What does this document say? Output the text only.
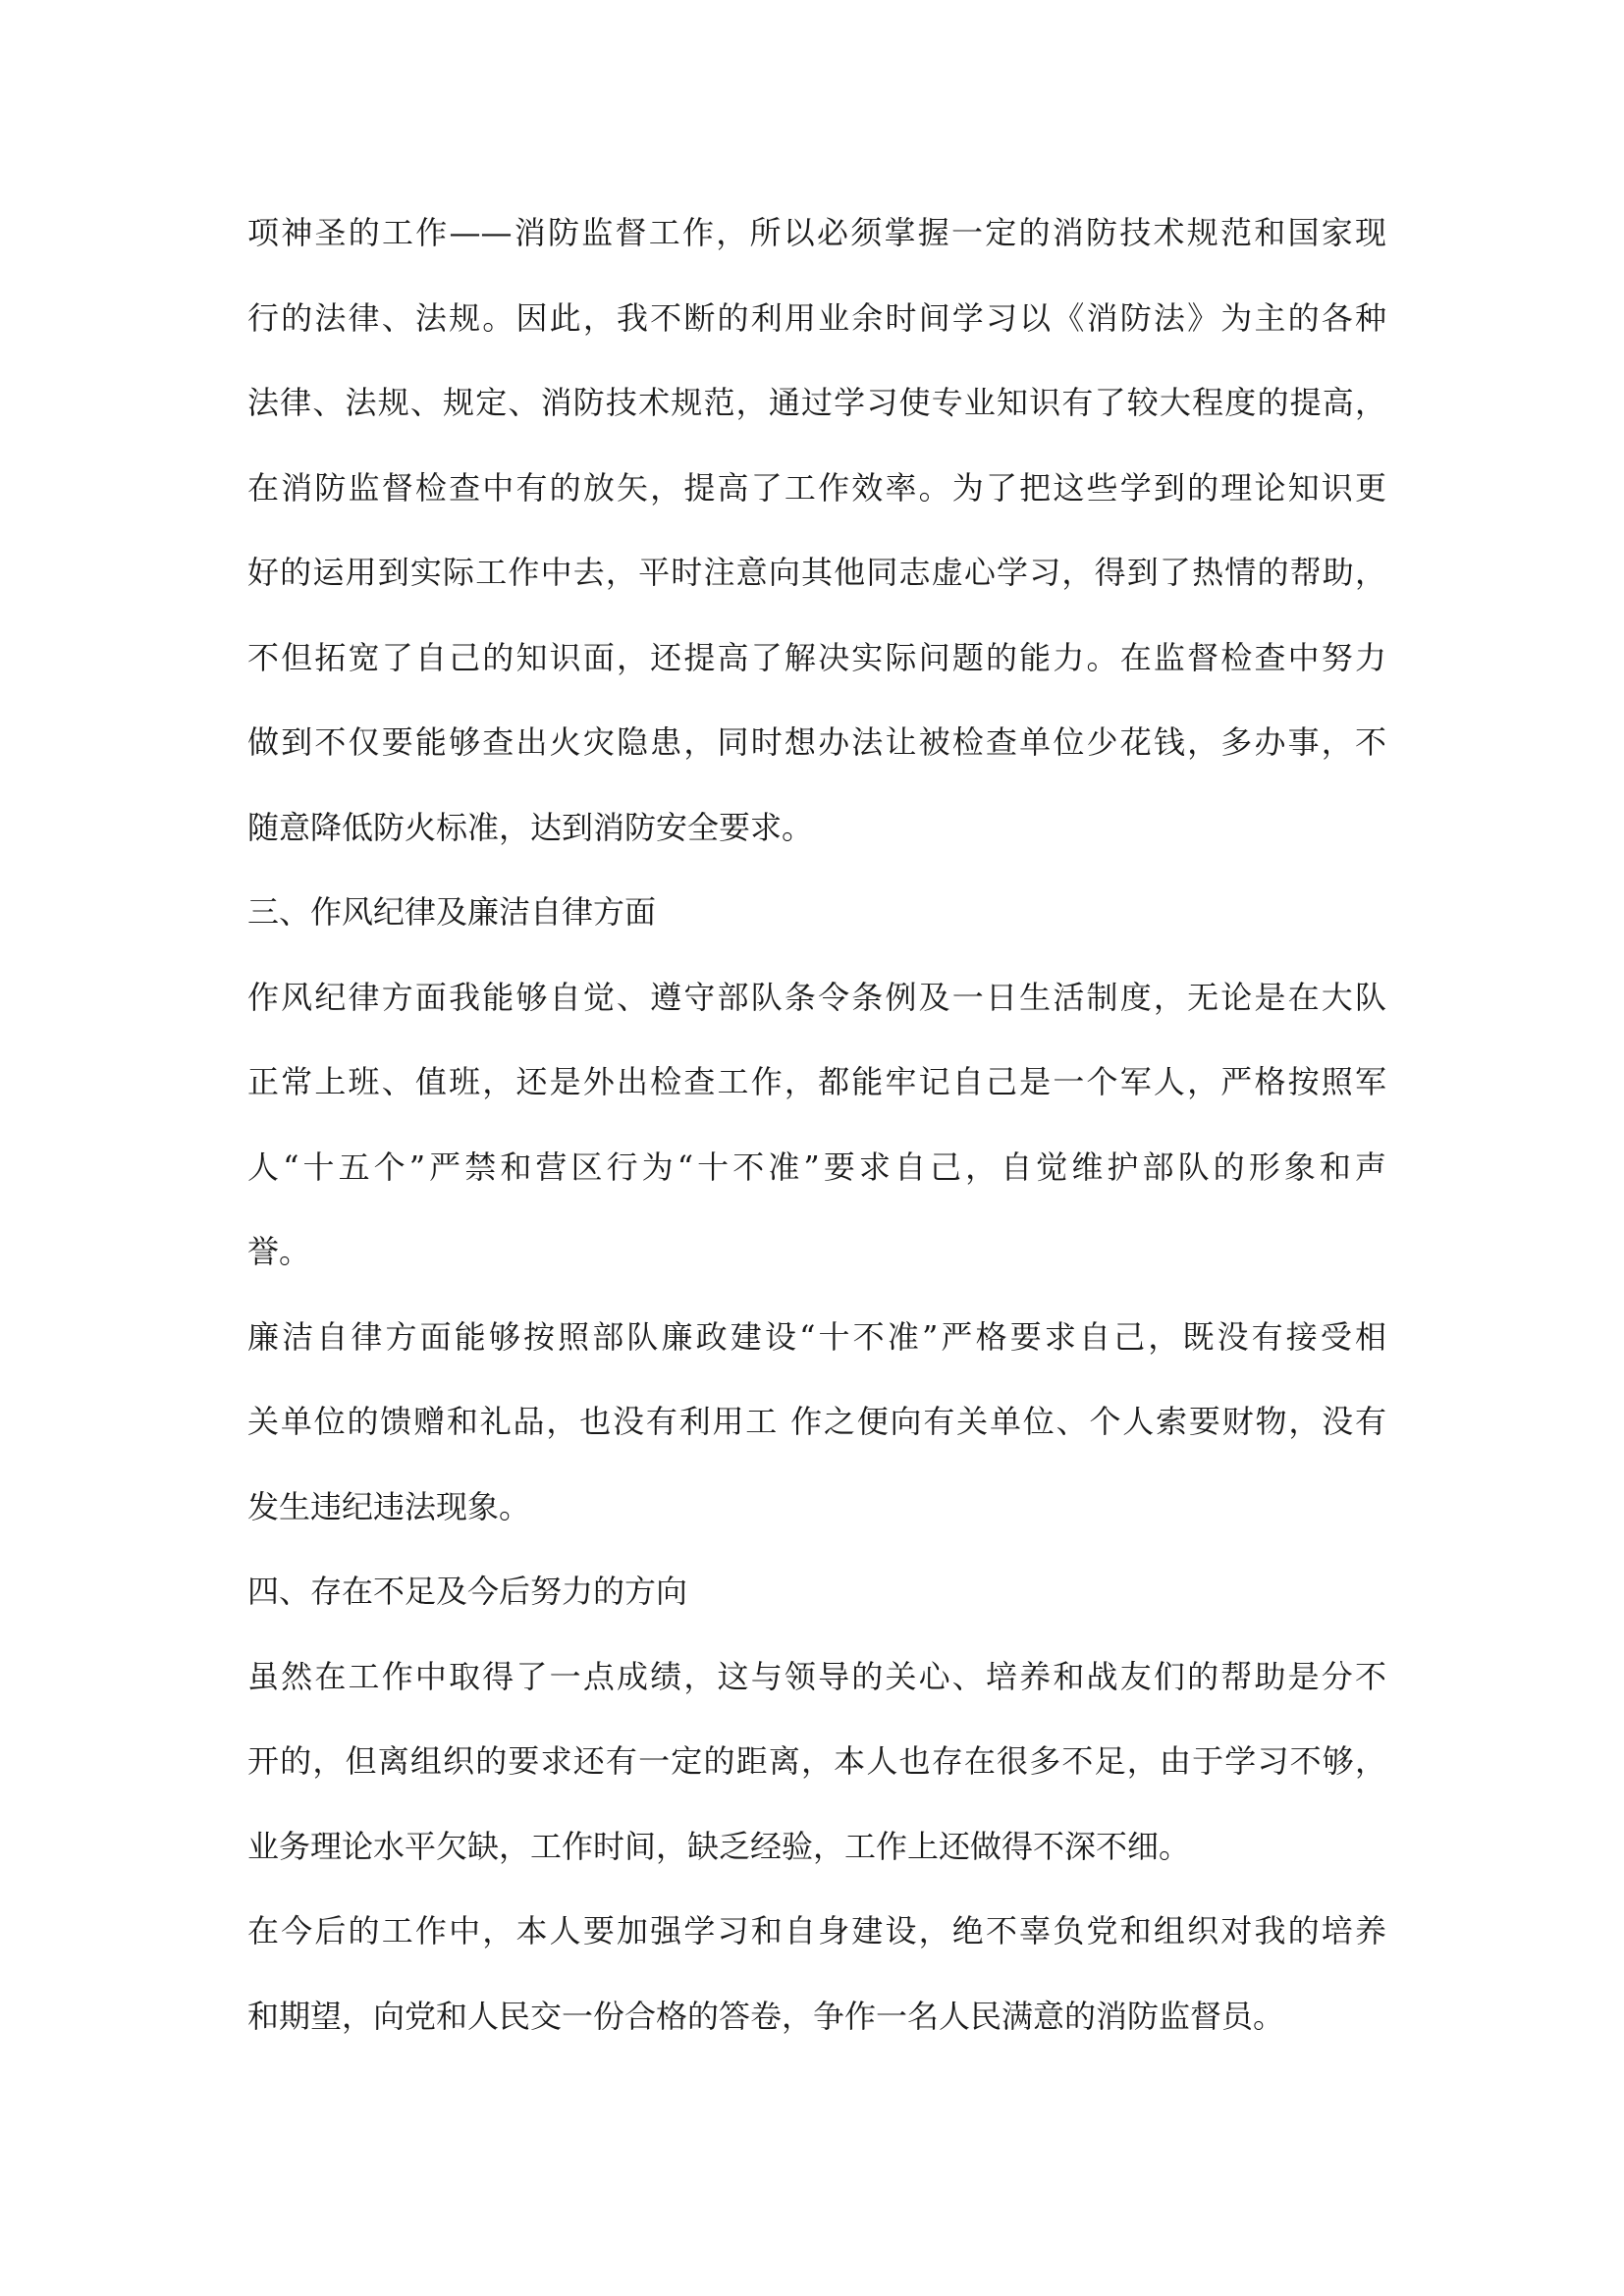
项神圣的工作——消防监督工作，所以必须掌握一定的消防技术规范和国家现
行的法律、法规。因此，我不断的利用业余时间学习以《消防法》为主的各种
法律、法规、规定、消防技术规范，通过学习使专业知识有了较大程度的提高，
在消防监督检查中有的放矢，提高了工作效率。为了把这些学到的理论知识更
好的运用到实际工作中去，平时注意向其他同志虚心学习，得到了热情的帮助，
不但拓宽了自己的知识面，还提高了解决实际问题的能力。在监督检查中努力
做到不仅要能够查出火灾隐患，同时想办法让被检查单位少花钱，多办事，不
随意降低防火标准，达到消防安全要求。
三、作风纪律及廉洁自律方面
作风纪律方面我能够自觉、遵守部队条令条例及一日生活制度，无论是在大队
正常上班、值班，还是外出检查工作，都能牢记自己是一个军人，严格按照军
人“十五个”严禁和营区行为“十不准”要求自己，自觉维护部队的形象和声
誉。
廉洁自律方面能够按照部队廉政建设“十不准”严格要求自己，既没有接受相
关单位的馈赠和礼品，也没有利用工 作之便向有关单位、个人索要财物，没有
发生违纪违法现象。
四、存在不足及今后努力的方向
虽然在工作中取得了一点成绩，这与领导的关心、培养和战友们的帮助是分不
开的，但离组织的要求还有一定的距离，本人也存在很多不足，由于学习不够，
业务理论水平欠缺，工作时间，缺乏经验，工作上还做得不深不细。
在今后的工作中，本人要加强学习和自身建设，绝不辜负党和组织对我的培养
和期望，向党和人民交一份合格的答卷，争作一名人民满意的消防监督员。
